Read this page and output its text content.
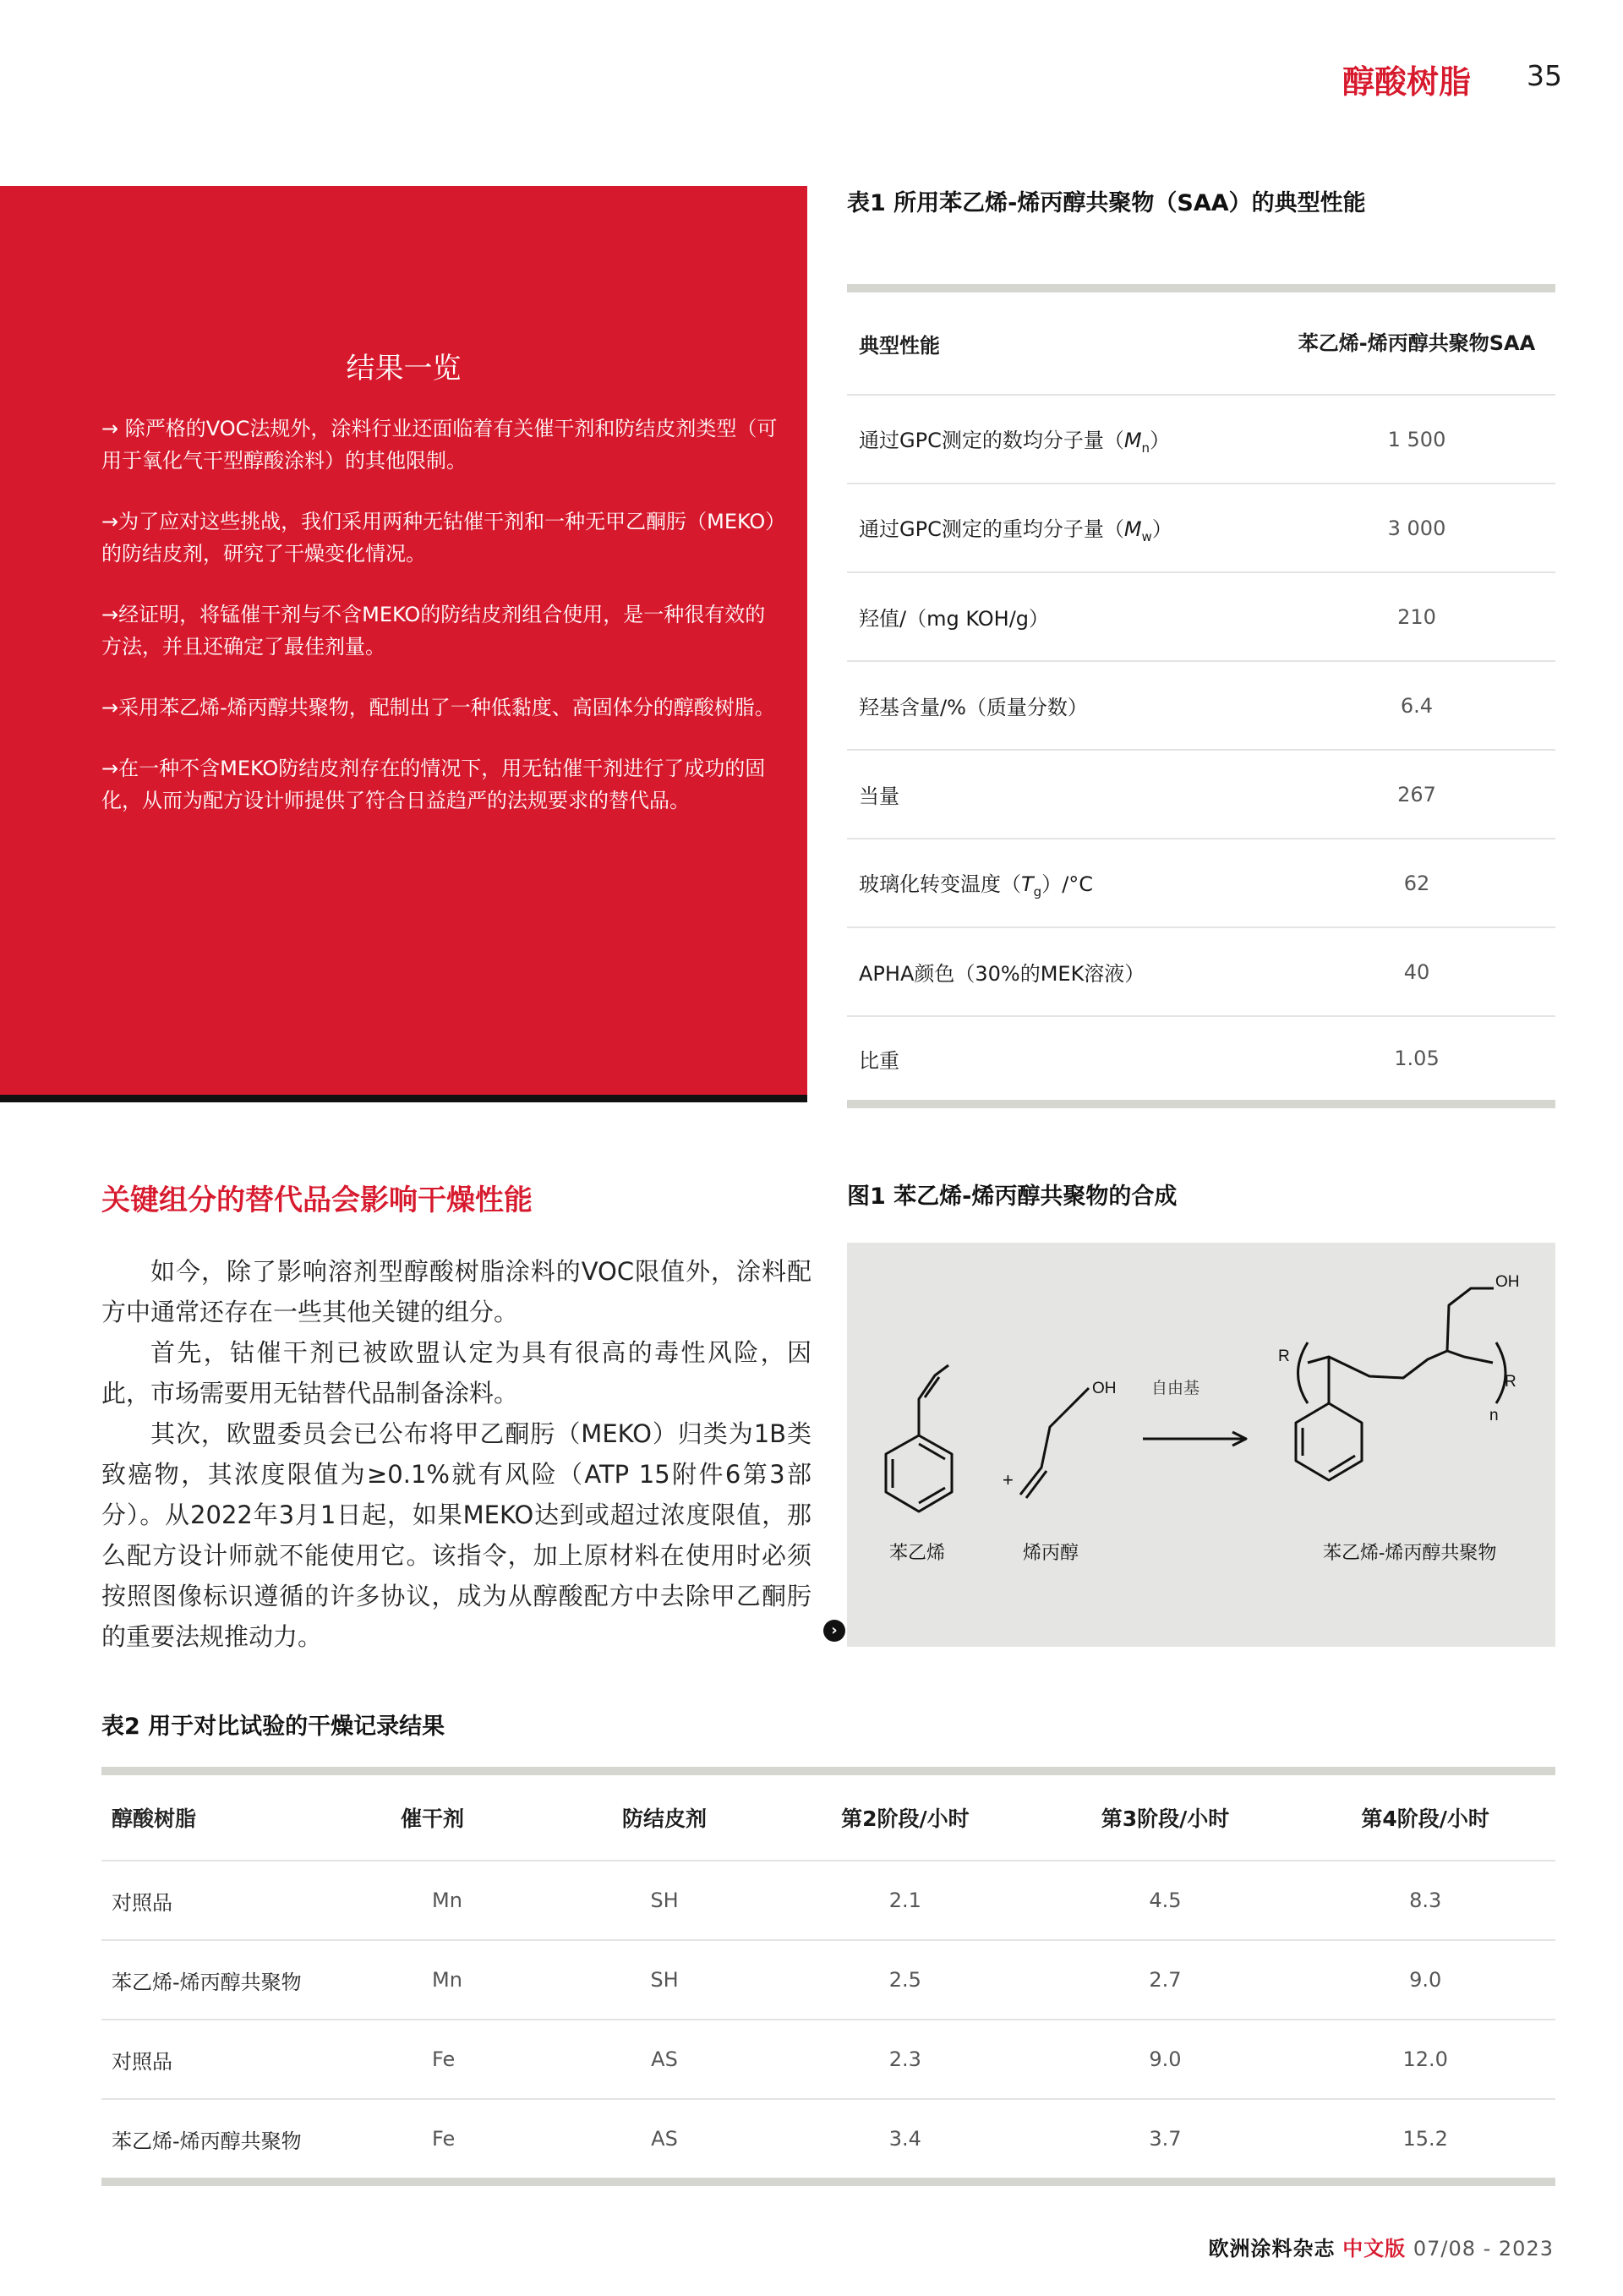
醇酸树脂 35
结果一览

→ 除严格的VOC法规外，涂料行业还面临着有关催干剂和防结皮剂类型（可用于氧化气干型醇酸涂料）的其他限制。

→为了应对这些挑战，我们采用两种无钴催干剂和一种无甲乙酮肟（MEKO）的防结皮剂，研究了干燥变化情况。

→经证明，将锰催干剂与不含MEKO的防结皮剂组合使用，是一种很有效的方法，并且还确定了最佳剂量。

→采用苯乙烯-烯丙醇共聚物，配制出了一种低黏度、高固体分的醇酸树脂。

→在一种不含MEKO防结皮剂存在的情况下，用无钴催干剂进行了成功的固化，从而为配方设计师提供了符合日益趋严的法规要求的替代品。

表1 所用苯乙烯-烯丙醇共聚物（SAA）的典型性能
典型性能	苯乙烯-烯丙醇共聚物SAA
通过GPC测定的数均分子量$(M_n)$	1 500
通过GPC测定的重均分子量$(M_w)$	3 000
羟值/（mg KOH/g）	210
羟基含量/%（质量分数）	6.4
当量	267
玻璃化转变温度$(T_g)/^\circ C$	62
APHA颜色（30%的MEK溶液）	40
比重	1.05
关键组分的替代品会影响干燥性能

如今，除了影响溶剂型醇酸树脂涂料的VOC限值外，涂料配方中通常还存在一些其他关键的组分。

首先，钴催干剂已被欧盟认定为具有很高的毒性风险，因此，市场需要用无钴替代品制备涂料。

其次，欧盟委员会已公布将甲乙酮肟（MEKO）归类为1B类致癌物，其浓度限值为≥0.1%就有风险（ATP 15附件6第3部分）。从2022年3月1日起，如果MEKO达到或超过浓度限值，那么配方设计师就不能使用它。该指令，加上原材料在使用时必须按照图像标识遵循的许多协议，成为从醇酸配方中去除甲乙酮肟的重要法规推动力。	›
图1 苯乙烯-烯丙醇共聚物的合成
+
OH 自由基
OH
R
R
n
苯乙烯	烯丙醇	苯乙烯-烯丙醇共聚物
表2 用于对比试验的干燥记录结果
醇酸树脂	催干剂	防结皮剂	第2阶段/小时	第3阶段/小时	第4阶段/小时
对照品	Mn	SH	2.1	4.5	8.3
苯乙烯-烯丙醇共聚物	Mn	SH	2.5	2.7	9.0
对照品	Fe	AS	2.3	9.0	12.0
苯乙烯-烯丙醇共聚物	Fe	AS	3.4	3.7	15.2
欧洲涂料杂志 中文版 07/08 - 2023
